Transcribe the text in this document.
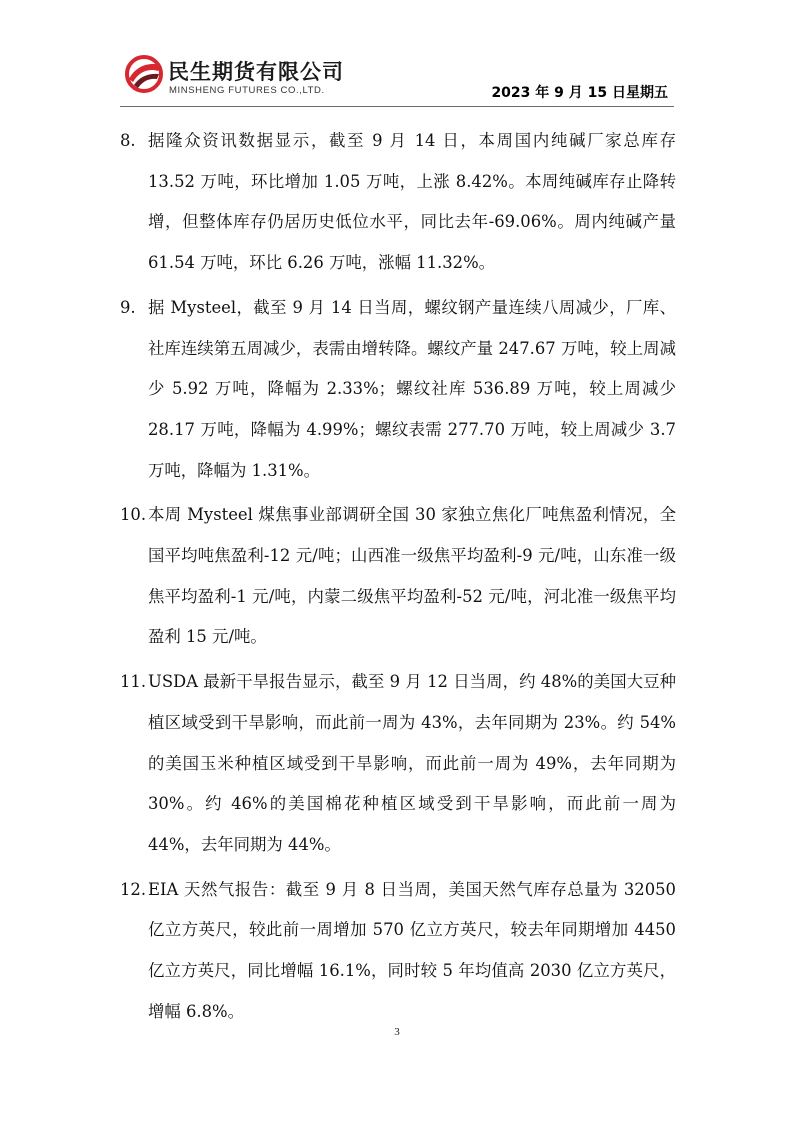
民生期货有限公司
MINSHENG FUTURES CO.,LTD.	2023 年 9 月 15 日星期五
8. 据隆众资讯数据显示，截至 9 月 14 日，本周国内纯碱厂家总库存 13.52 万吨，环比增加 1.05 万吨，上涨 8.42%。本周纯碱库存止降转增，但整体库存仍居历史低位水平，同比去年-69.06%。周内纯碱产量 61.54 万吨，环比 6.26 万吨，涨幅 11.32%。
9. 据 Mysteel，截至 9 月 14 日当周，螺纹钢产量连续八周减少，厂库、社库连续第五周减少，表需由增转降。螺纹产量 247.67 万吨，较上周减少 5.92 万吨，降幅为 2.33%；螺纹社库 536.89 万吨，较上周减少 28.17 万吨，降幅为 4.99%；螺纹表需 277.70 万吨，较上周减少 3.7 万吨，降幅为 1.31%。
10. 本周 Mysteel 煤焦事业部调研全国 30 家独立焦化厂吨焦盈利情况，全国平均吨焦盈利-12 元/吨；山西准一级焦平均盈利-9 元/吨，山东准一级焦平均盈利-1 元/吨，内蒙二级焦平均盈利-52 元/吨，河北准一级焦平均盈利 15 元/吨。
11. USDA 最新干旱报告显示，截至 9 月 12 日当周，约 48%的美国大豆种植区域受到干旱影响，而此前一周为 43%，去年同期为 23%。约 54%的美国玉米种植区域受到干旱影响，而此前一周为 49%，去年同期为 30%。约 46%的美国棉花种植区域受到干旱影响，而此前一周为 44%，去年同期为 44%。
12. EIA 天然气报告：截至 9 月 8 日当周，美国天然气库存总量为 32050 亿立方英尺，较此前一周增加 570 亿立方英尺，较去年同期增加 4450 亿立方英尺，同比增幅 16.1%，同时较 5 年均值高 2030 亿立方英尺，增幅 6.8%。
3
